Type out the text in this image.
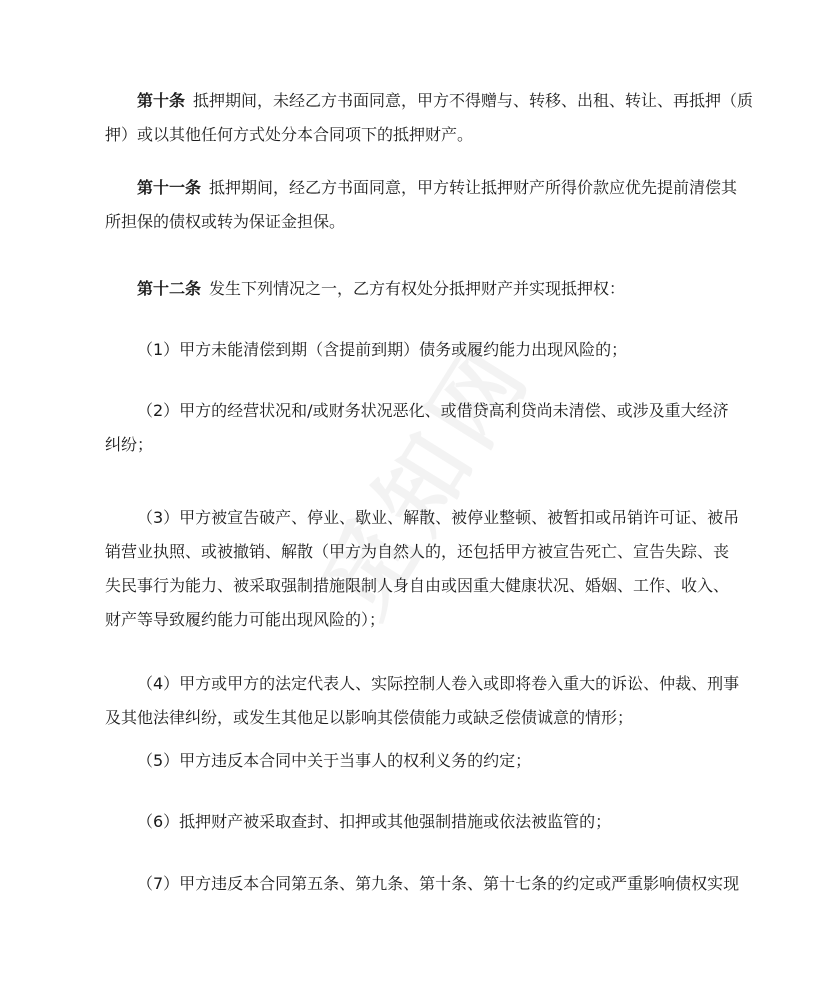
第十条 抵押期间，未经乙方书面同意，甲方不得赠与、转移、出租、转让、再抵押（质
押）或以其他任何方式处分本合同项下的抵押财产。
第十一条 抵押期间，经乙方书面同意，甲方转让抵押财产所得价款应优先提前清偿其
所担保的债权或转为保证金担保。
第十二条 发生下列情况之一，乙方有权处分抵押财产并实现抵押权：
（1）甲方未能清偿到期（含提前到期）债务或履约能力出现风险的；
（2）甲方的经营状况和/或财务状况恶化、或借贷高利贷尚未清偿、或涉及重大经济
纠纷；
（3）甲方被宣告破产、停业、歇业、解散、被停业整顿、被暂扣或吊销许可证、被吊
销营业执照、或被撤销、解散（甲方为自然人的，还包括甲方被宣告死亡、宣告失踪、丧
失民事行为能力、被采取强制措施限制人身自由或因重大健康状况、婚姻、工作、收入、
财产等导致履约能力可能出现风险的）；
（4）甲方或甲方的法定代表人、实际控制人卷入或即将卷入重大的诉讼、仲裁、刑事
及其他法律纠纷，或发生其他足以影响其偿债能力或缺乏偿债诚意的情形；
（5）甲方违反本合同中关于当事人的权利义务的约定；
（6）抵押财产被采取查封、扣押或其他强制措施或依法被监管的；
（7）甲方违反本合同第五条、第九条、第十条、第十七条的约定或严重影响债权实现
